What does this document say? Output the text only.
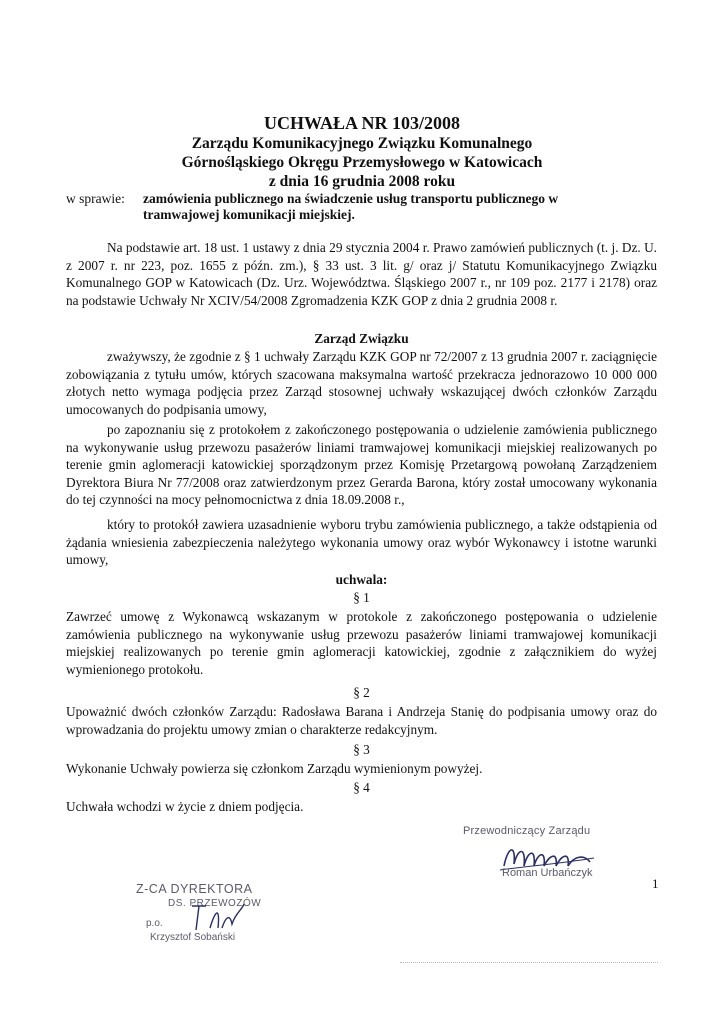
UCHWAŁA NR 103/2008
Zarządu Komunikacyjnego Związku Komunalnego
Górnośląskiego Okręgu Przemysłowego w Katowicach
z dnia 16 grudnia 2008 roku
w sprawie: zamówienia publicznego na świadczenie usług transportu publicznego w tramwajowej komunikacji miejskiej.
Na podstawie art. 18 ust. 1 ustawy z dnia 29 stycznia 2004 r. Prawo zamówień publicznych (t. j. Dz. U. z 2007 r. nr 223, poz. 1655 z późn. zm.), § 33 ust. 3 lit. g/ oraz j/ Statutu Komunikacyjnego Związku Komunalnego GOP w Katowicach (Dz. Urz. Województwa. Śląskiego 2007 r., nr 109 poz. 2177 i 2178) oraz na podstawie Uchwały Nr XCIV/54/2008 Zgromadzenia KZK GOP z dnia 2 grudnia 2008 r.
Zarząd Związku
zważywszy, że zgodnie z § 1 uchwały Zarządu KZK GOP nr 72/2007 z 13 grudnia 2007 r. zaciągnięcie zobowiązania z tytułu umów, których szacowana maksymalna wartość przekracza jednorazowo 10 000 000 złotych netto wymaga podjęcia przez Zarząd stosownej uchwały wskazującej dwóch członków Zarządu umocowanych do podpisania umowy,
po zapoznaniu się z protokołem z zakończonego postępowania o udzielenie zamówienia publicznego na wykonywanie usług przewozu pasażerów liniami tramwajowej komunikacji miejskiej realizowanych po terenie gmin aglomeracji katowickiej sporządzonym przez Komisję Przetargową powołaną Zarządzeniem Dyrektora Biura Nr 77/2008 oraz zatwierdzonym przez Gerarda Barona, który został umocowany wykonania do tej czynności na mocy pełnomocnictwa z dnia 18.09.2008 r.,
który to protokół zawiera uzasadnienie wyboru trybu zamówienia publicznego, a także odstąpienia od żądania wniesienia zabezpieczenia należytego wykonania umowy oraz wybór Wykonawcy i istotne warunki umowy,
uchwala:
§ 1
Zawrzeć umowę z Wykonawcą wskazanym w protokole z zakończonego postępowania o udzielenie zamówienia publicznego na wykonywanie usług przewozu pasażerów liniami tramwajowej komunikacji miejskiej realizowanych po terenie gmin aglomeracji katowickiej, zgodnie z załącznikiem do wyżej wymienionego protokołu.
§ 2
Upoważnić dwóch członków Zarządu: Radosława Barana i Andrzeja Stanię do podpisania umowy oraz do wprowadzania do projektu umowy zmian o charakterze redakcyjnym.
§ 3
Wykonanie Uchwały powierza się członkom Zarządu wymienionym powyżej.
§ 4
Uchwała wchodzi w życie z dniem podjęcia.
Przewodniczący Zarządu
Roman Urbańczyk
Z-CA DYREKTORA
DS. PRZEWOZÓW
p.o.
Krzysztof Sobański
1
